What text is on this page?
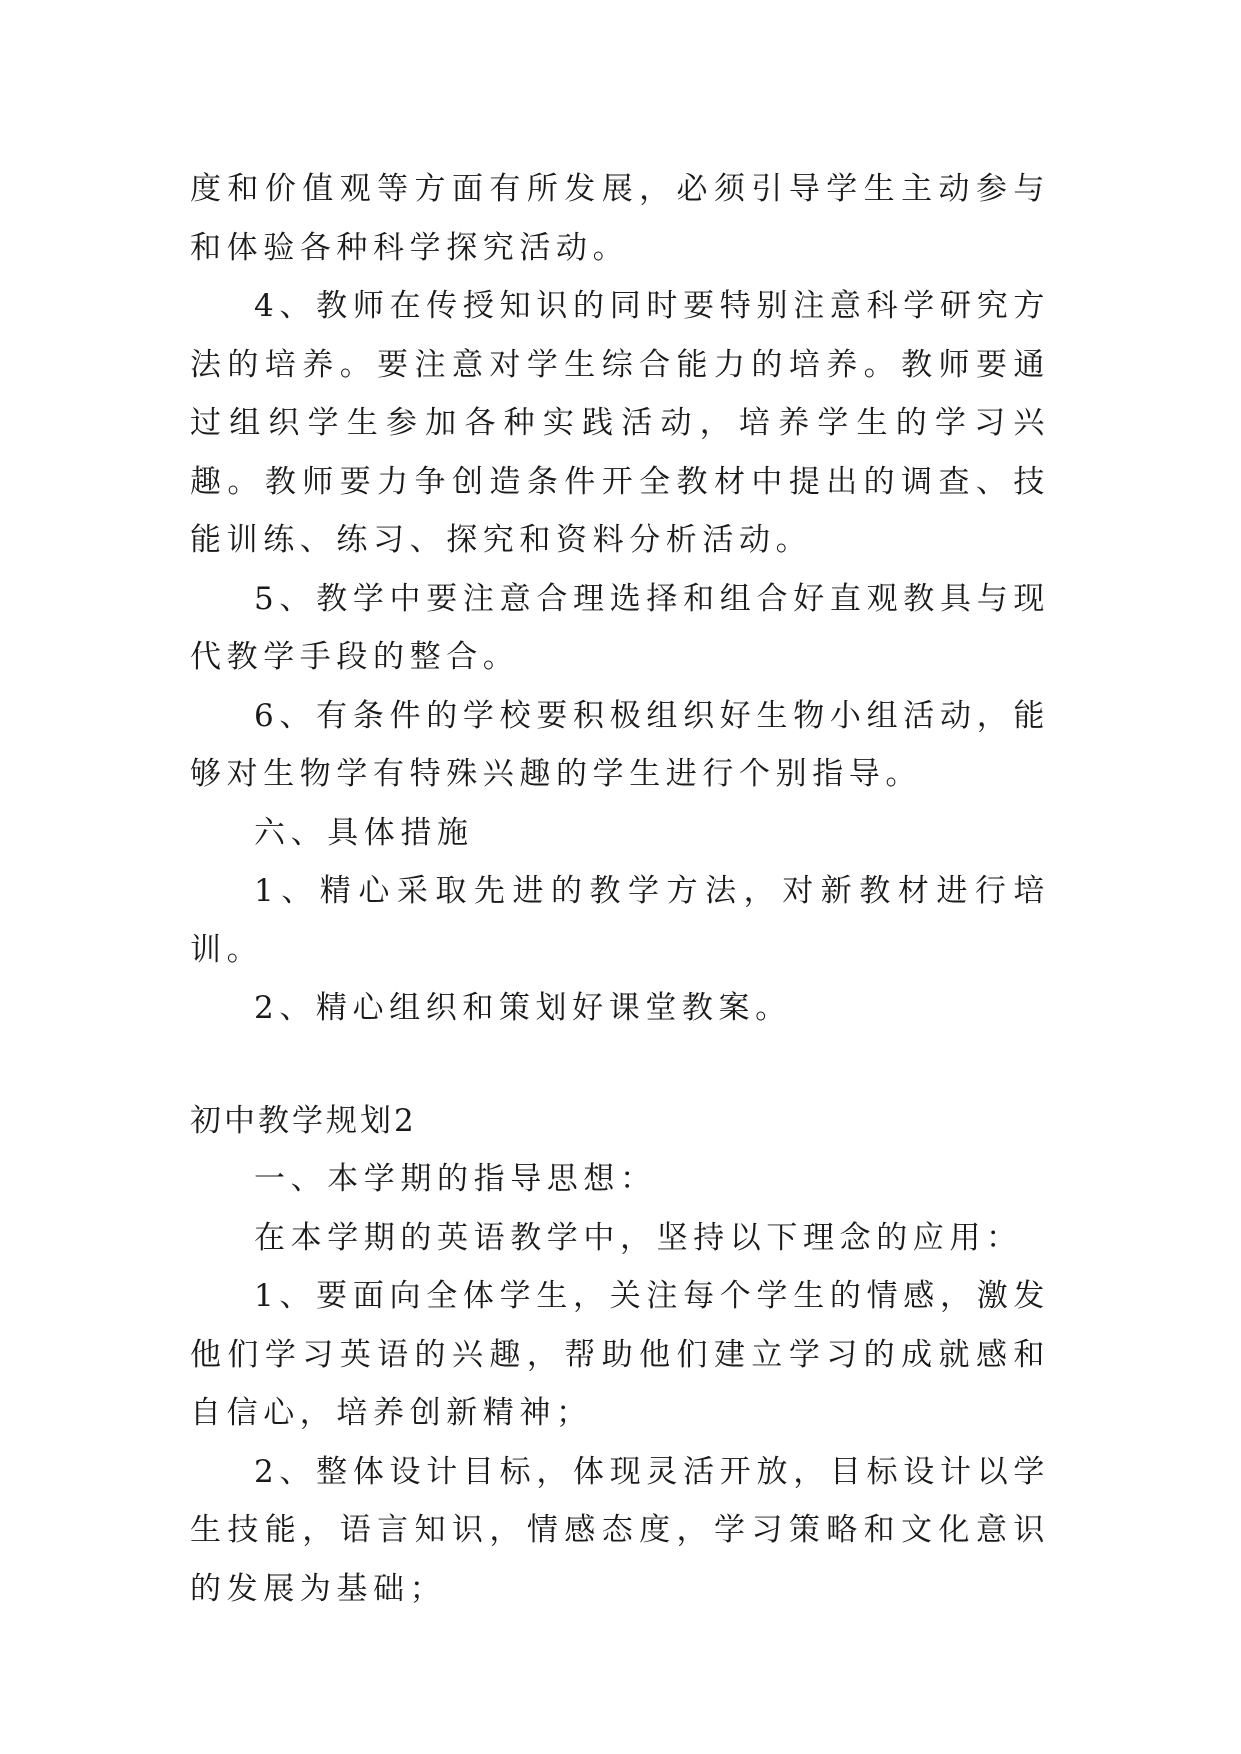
度和价值观等方面有所发展，必须引导学生主动参与和体验各种科学探究活动。

4、教师在传授知识的同时要特别注意科学研究方法的培养。要注意对学生综合能力的培养。教师要通过组织学生参加各种实践活动，培养学生的学习兴趣。教师要力争创造条件开全教材中提出的调查、技能训练、练习、探究和资料分析活动。

5、教学中要注意合理选择和组合好直观教具与现代教学手段的整合。

6、有条件的学校要积极组织好生物小组活动，能够对生物学有特殊兴趣的学生进行个别指导。

六、具体措施

1、精心采取先进的教学方法，对新教材进行培训。

2、精心组织和策划好课堂教案。

初中教学规划2

一、本学期的指导思想：

在本学期的英语教学中，坚持以下理念的应用：

1、要面向全体学生，关注每个学生的情感，激发他们学习英语的兴趣，帮助他们建立学习的成就感和自信心，培养创新精神；

2、整体设计目标，体现灵活开放，目标设计以学生技能，语言知识，情感态度，学习策略和文化意识的发展为基础；
